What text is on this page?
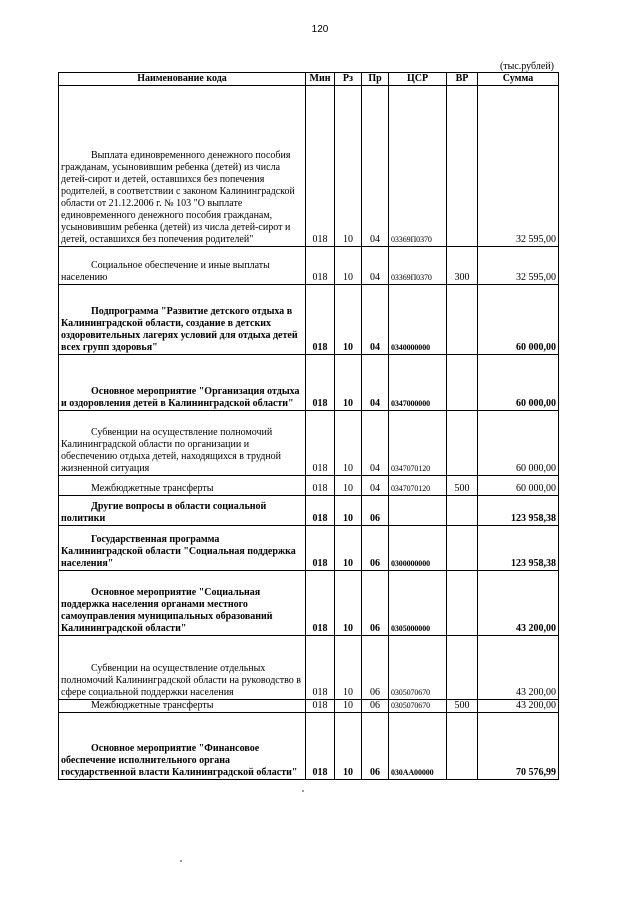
120
(тыс.рублей)
Наименование кода	Мин	Рз	Пр	ЦСР	ВР	Сумма

Выплата единовременного денежного пособия гражданам, усыновившим ребенка (детей) из числа детей-сирот и детей, оставшихся без попечения родителей, в соответствии с законом Калининградской области от 21.12.2006 г. № 103 "О выплате единовременного денежного пособия гражданам, усыновившим ребенка (детей) из числа детей-сирот и детей, оставшихся без попечения родителей"	018	10	04	03369П0370		32 595,00

Социальное обеспечение и иные выплаты населению	018	10	04	03369П0370	300	32 595,00

Подпрограмма "Развитие детского отдыха в Калининградской области, создание в детских оздоровительных лагерях условий для отдыха детей всех групп здоровья"	018	10	04	0340000000		60 000,00

Основное мероприятие "Организация отдыха и оздоровления детей в Калининградской области"	018	10	04	0347000000		60 000,00

Субвенции на осуществление полномочий Калининградской области по организации и обеспечению отдыха детей, находящихся в трудной жизненной ситуация	018	10	04	0347070120		60 000,00

Межбюджетные трансферты	018	10	04	0347070120	500	60 000,00

Другие вопросы в области социальной политики	018	10	06			123 958,38

Государственная программа Калининградской области "Социальная поддержка населения"	018	10	06	0300000000		123 958,38

Основное мероприятие "Социальная поддержка населения органами местного самоуправления муниципальных образований Калининградской области"	018	10	06	0305000000		43 200,00

Субвенции на осуществление отдельных полномочий Калининградской области на руководство в сфере социальной поддержки населения	018	10	06	0305070670		43 200,00

Межбюджетные трансферты	018	10	06	0305070670	500	43 200,00

Основное мероприятие "Финансовое обеспечение исполнительного органа государственной власти Калининградской области"	018	10	06	030АА00000		70 576,99
